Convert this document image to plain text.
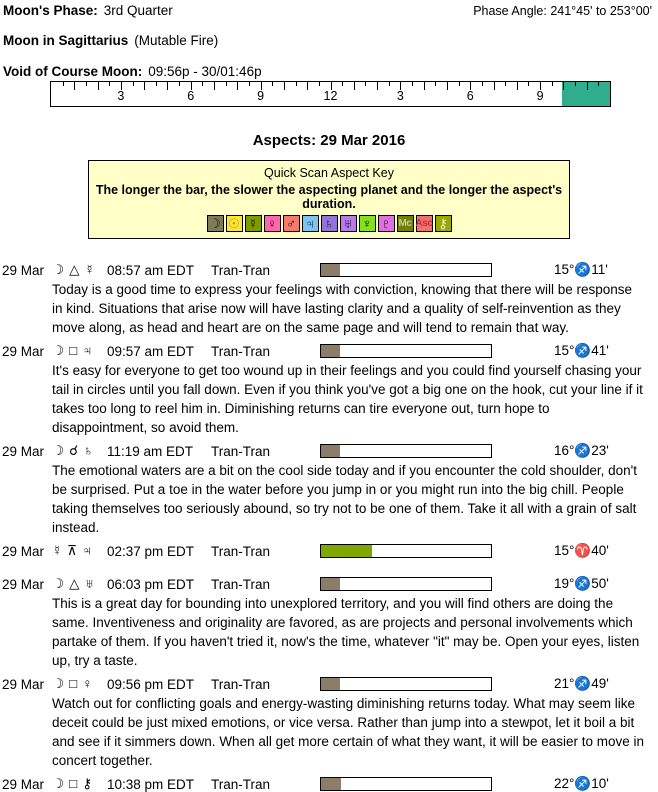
Moon's Phase: 3rd Quarter	Phase Angle: 241°45' to 253°00'
Moon in Sagittarius (Mutable Fire)
Void of Course Moon: 09:56p - 30/01:46p
3	6	9	12	3	6	9
Aspects: 29 Mar 2016
Quick Scan Aspect Key
The longer the bar, the slower the aspecting planet and the longer the aspect's duration.
☽ ☉ ☿ ♀ ♂ ♃ ♄ ♅ ♆ ♇ Mc Asc ⚷
29 Mar ☽ △ ☿ 08:57 am EDT	Tran-Tran	15°♐11'
Today is a good time to express your feelings with conviction, knowing that there will be response in kind. Situations that arise now will have lasting clarity and a quality of self-reinvention as they move along, as head and heart are on the same page and will tend to remain that way.
29 Mar ☽ □ ♃ 09:57 am EDT	Tran-Tran	15°♐41'
It's easy for everyone to get too wound up in their feelings and you could find yourself chasing your tail in circles until you fall down. Even if you think you've got a big one on the hook, cut your line if it takes too long to reel him in. Diminishing returns can tire everyone out, turn hope to disappointment, so avoid them.
29 Mar ☽ ☌ ♄ 11:19 am EDT	Tran-Tran	16°♐23'
The emotional waters are a bit on the cool side today and if you encounter the cold shoulder, don't be surprised. Put a toe in the water before you jump in or you might run into the big chill. People taking themselves too seriously abound, so try not to be one of them. Take it all with a grain of salt instead.
29 Mar ☿ ⊼ ♃ 02:37 pm EDT	Tran-Tran	15°♈40'
29 Mar ☽ △ ♅ 06:03 pm EDT	Tran-Tran	19°♐50'
This is a great day for bounding into unexplored territory, and you will find others are doing the same. Inventiveness and originality are favored, as are projects and personal involvements which partake of them. If you haven't tried it, now's the time, whatever "it" may be. Open your eyes, listen up, try a taste.
29 Mar ☽ □ ♀ 09:56 pm EDT	Tran-Tran	21°♐49'
Watch out for conflicting goals and energy-wasting diminishing returns today. What may seem like deceit could be just mixed emotions, or vice versa. Rather than jump into a stewpot, let it boil a bit and see if it simmers down. When all get more certain of what they want, it will be easier to move in concert together.
29 Mar ☽ □ ⚷ 10:38 pm EDT	Tran-Tran	22°♐10'
